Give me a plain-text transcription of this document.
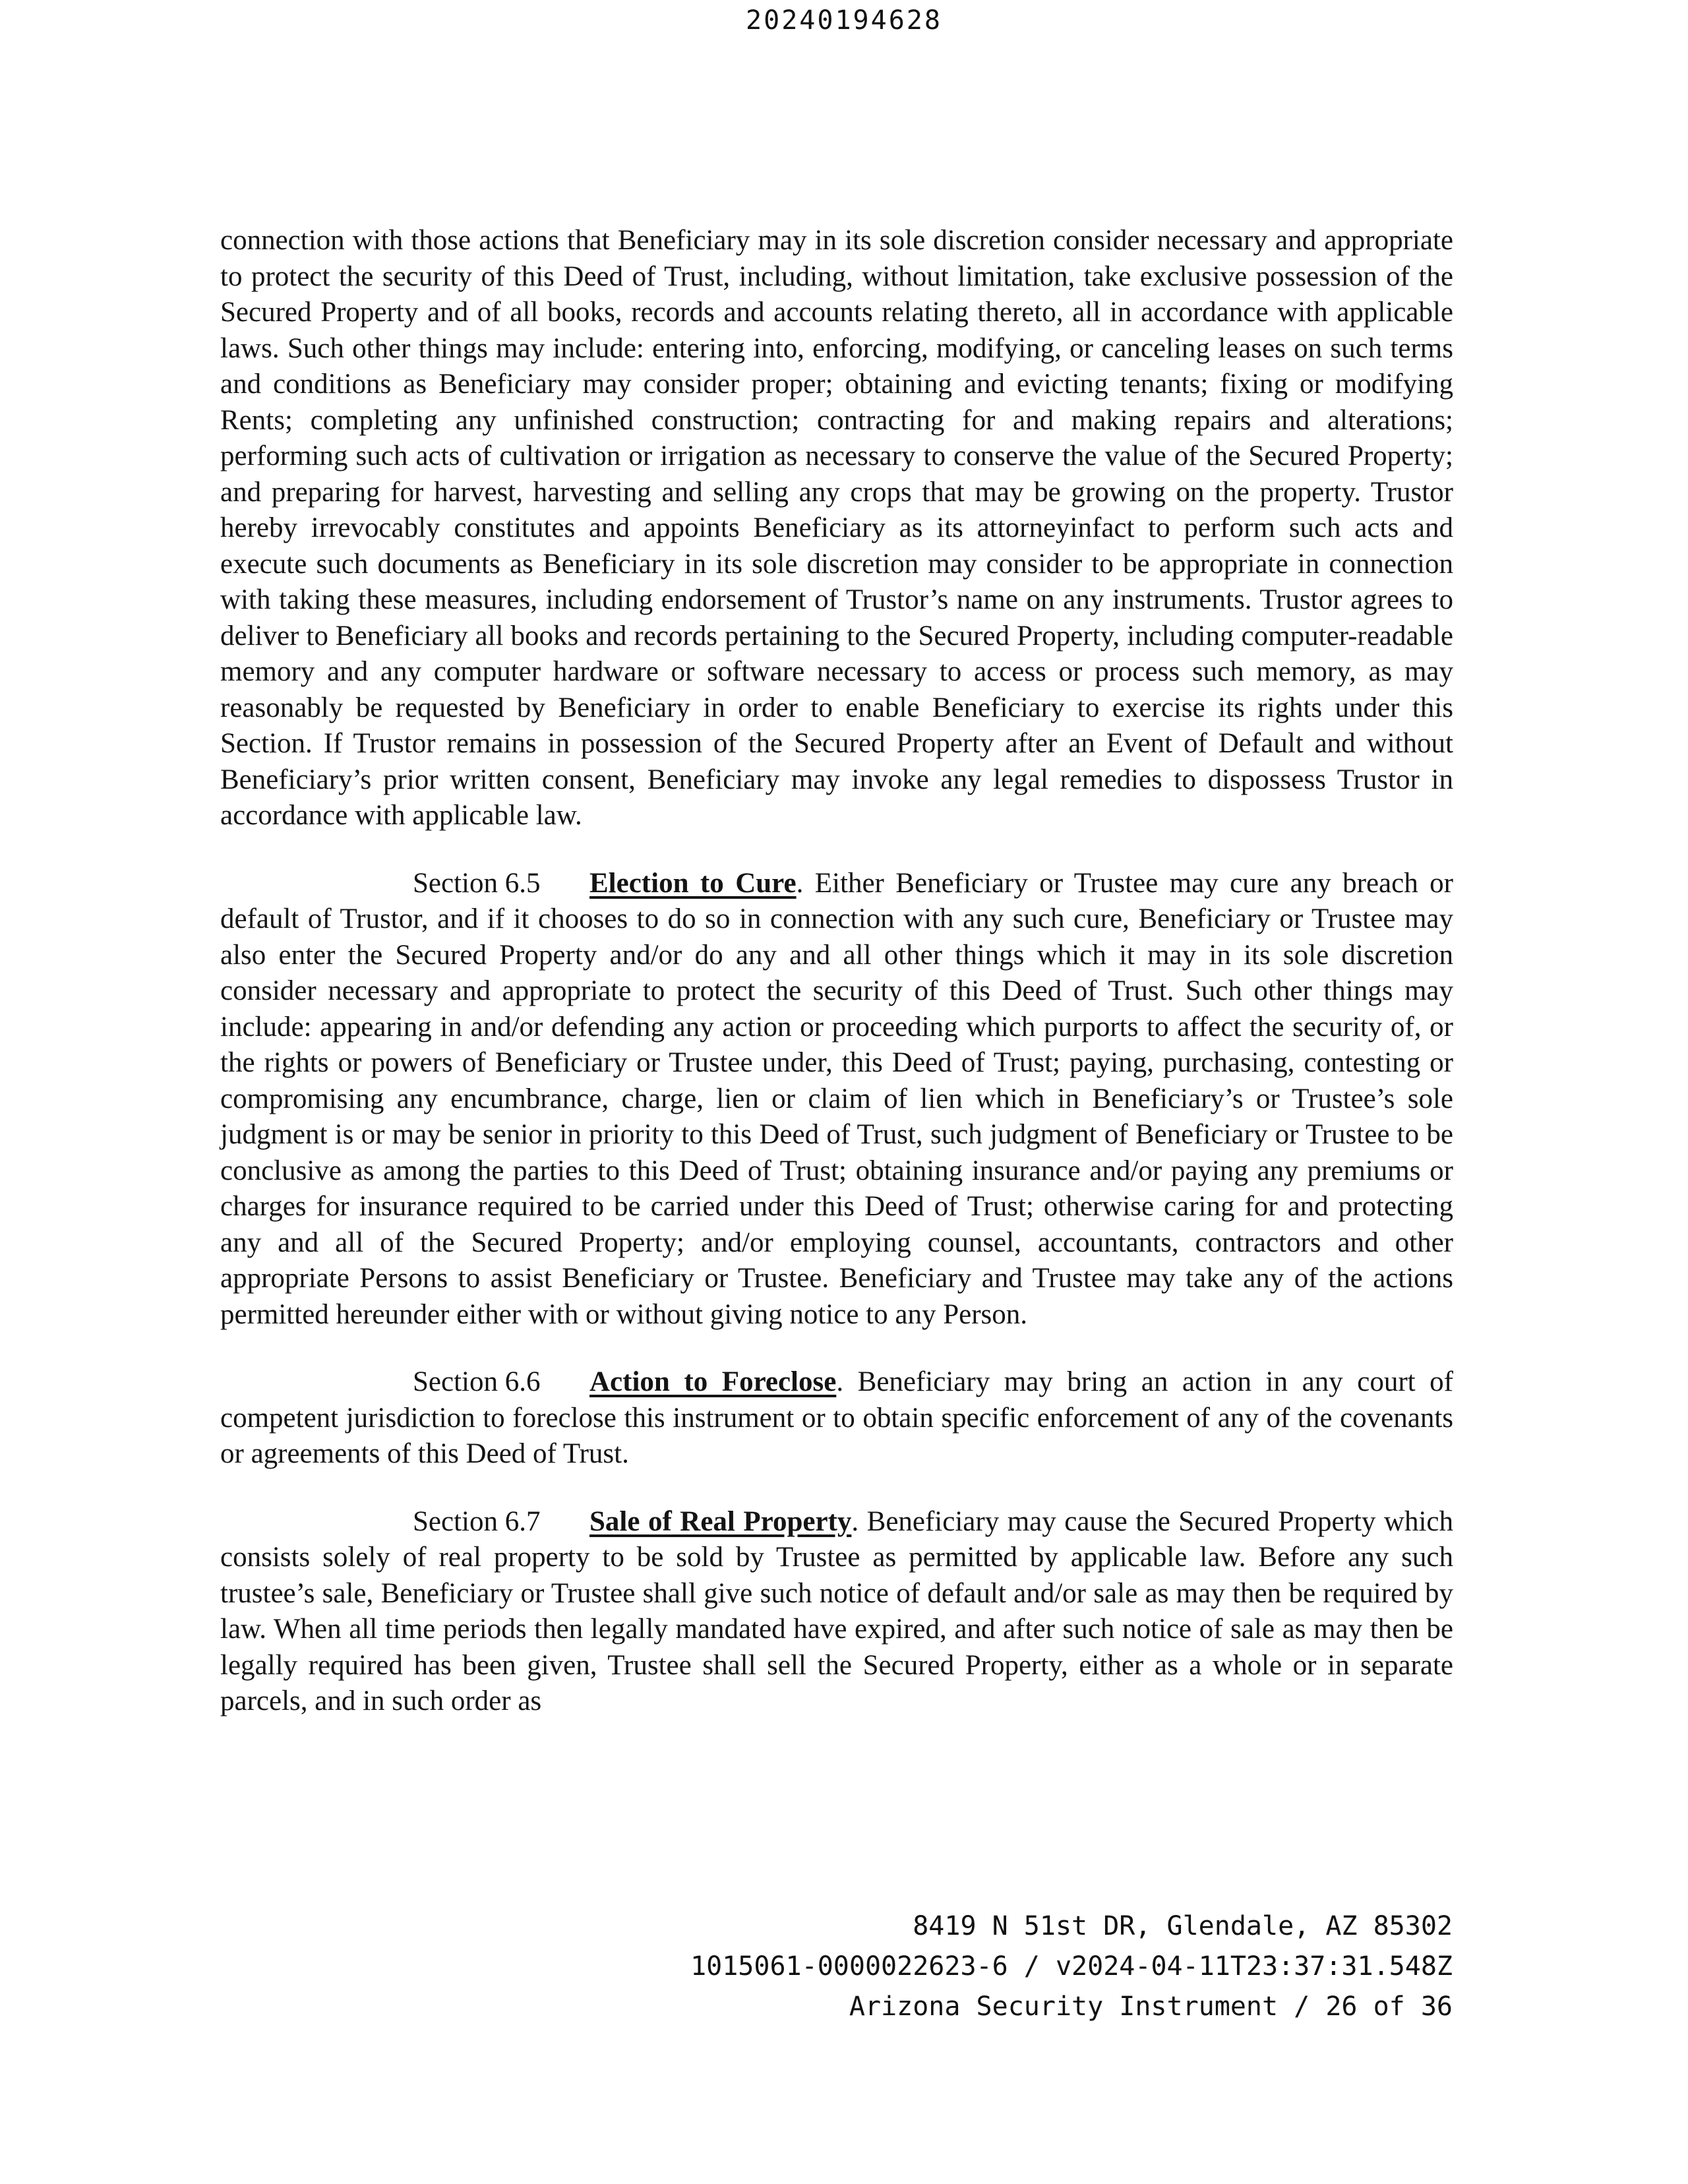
20240194628

connection with those actions that Beneficiary may in its sole discretion consider necessary and appropriate to protect the security of this Deed of Trust, including, without limitation, take exclusive possession of the Secured Property and of all books, records and accounts relating thereto, all in accordance with applicable laws. Such other things may include: entering into, enforcing, modifying, or canceling leases on such terms and conditions as Beneficiary may consider proper; obtaining and evicting tenants; fixing or modifying Rents; completing any unfinished construction; contracting for and making repairs and alterations; performing such acts of cultivation or irrigation as necessary to conserve the value of the Secured Property; and preparing for harvest, harvesting and selling any crops that may be growing on the property. Trustor hereby irrevocably constitutes and appoints Beneficiary as its attorneyinfact to perform such acts and execute such documents as Beneficiary in its sole discretion may consider to be appropriate in connection with taking these measures, including endorsement of Trustor’s name on any instruments. Trustor agrees to deliver to Beneficiary all books and records pertaining to the Secured Property, including computer-readable memory and any computer hardware or software necessary to access or process such memory, as may reasonably be requested by Beneficiary in order to enable Beneficiary to exercise its rights under this Section. If Trustor remains in possession of the Secured Property after an Event of Default and without Beneficiary’s prior written consent, Beneficiary may invoke any legal remedies to dispossess Trustor in accordance with applicable law.

Section 6.5 Election to Cure. Either Beneficiary or Trustee may cure any breach or default of Trustor, and if it chooses to do so in connection with any such cure, Beneficiary or Trustee may also enter the Secured Property and/or do any and all other things which it may in its sole discretion consider necessary and appropriate to protect the security of this Deed of Trust. Such other things may include: appearing in and/or defending any action or proceeding which purports to affect the security of, or the rights or powers of Beneficiary or Trustee under, this Deed of Trust; paying, purchasing, contesting or compromising any encumbrance, charge, lien or claim of lien which in Beneficiary’s or Trustee’s sole judgment is or may be senior in priority to this Deed of Trust, such judgment of Beneficiary or Trustee to be conclusive as among the parties to this Deed of Trust; obtaining insurance and/or paying any premiums or charges for insurance required to be carried under this Deed of Trust; otherwise caring for and protecting any and all of the Secured Property; and/or employing counsel, accountants, contractors and other appropriate Persons to assist Beneficiary or Trustee. Beneficiary and Trustee may take any of the actions permitted hereunder either with or without giving notice to any Person.

Section 6.6 Action to Foreclose. Beneficiary may bring an action in any court of competent jurisdiction to foreclose this instrument or to obtain specific enforcement of any of the covenants or agreements of this Deed of Trust.

Section 6.7 Sale of Real Property. Beneficiary may cause the Secured Property which consists solely of real property to be sold by Trustee as permitted by applicable law. Before any such trustee’s sale, Beneficiary or Trustee shall give such notice of default and/or sale as may then be required by law. When all time periods then legally mandated have expired, and after such notice of sale as may then be legally required has been given, Trustee shall sell the Secured Property, either as a whole or in separate parcels, and in such order as

8419 N 51st DR, Glendale, AZ 85302
1015061-0000022623-6 / v2024-04-11T23:37:31.548Z
Arizona Security Instrument / 26 of 36
